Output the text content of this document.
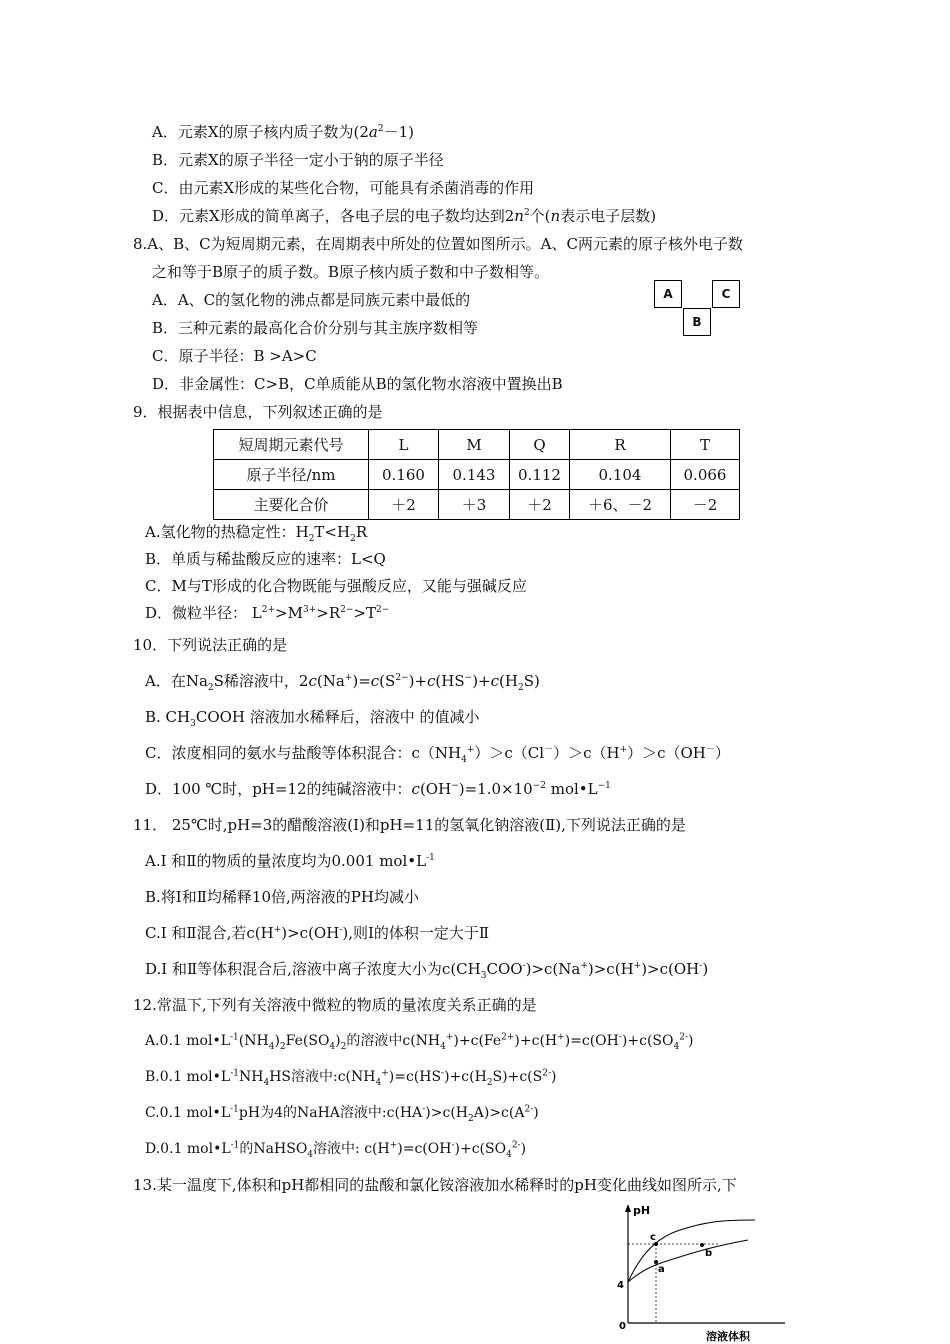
A．元素X的原子核内质子数为$(2a^2-1)$
B．元素X的原子半径一定小于钠的原子半径
C．由元素X形成的某些化合物，可能具有杀菌消毒的作用
D．元素X形成的简单离子，各电子层的电子数均达到$2n^2$个(n表示电子层数)
8.A、B、C为短周期元素，在周期表中所处的位置如图所示。A、C两元素的原子核外电子数
之和等于B原子的质子数。B原子核内质子数和中子数相等。
A．A、C的氢化物的沸点都是同族元素中最低的
B．三种元素的最高化合价分别与其主族序数相等
C．原子半径：B >A>C
D．非金属性：C>B，C单质能从B的氢化物水溶液中置换出B
A	C
B
9．根据表中信息，下列叙述正确的是
短周期元素代号	L	M	Q	R	T
原子半径/nm	0.160	0.143	0.112	0.104	0.066
主要化合价	＋2	＋3	＋2	＋6、－2	－2
A.氢化物的热稳定性：$H_2T<H_2R$
B．单质与稀盐酸反应的速率：L<Q
C．M与T形成的化合物既能与强酸反应，又能与强碱反应
D．微粒半径： $L^{2+}>M^{3+}>R^{2-}>T^{2-}$
10．下列说法正确的是
A．在$Na_2S$稀溶液中，$2c(Na^+)=c(S^{2-})+c(HS^-)+c(H_2S)$
B. $CH_3COOH$ 溶液加水稀释后，溶液中 的值减小
C．浓度相同的氨水与盐酸等体积混合：$c(NH_4^+)>c(Cl^-)>c(H^+)>c(OH^-)$
D．100 ℃时，pH=12的纯碱溶液中：$c(OH^-)=1.0\times 10^{-2}$ $mol•L^{-1}$
11． 25℃时,pH=3的醋酸溶液(Ⅰ)和pH=11的氢氧化钠溶液(Ⅱ),下列说法正确的是
A.Ⅰ 和Ⅱ的物质的量浓度均为0.001 $mol•L^{-1}$
B.将Ⅰ和Ⅱ均稀释10倍,两溶液的PH均减小
C.Ⅰ 和Ⅱ混合,若c(H+)>c(OH-),则Ⅰ的体积一定大于Ⅱ
D.Ⅰ 和Ⅱ等体积混合后,溶液中离子浓度大小为$c(CH_3COO^-)>c(Na^+)>c(H^+)>c(OH^-)$
12.常温下,下列有关溶液中微粒的物质的量浓度关系正确的是
A.0.1 $mol•L^{-1}(NH_4)_2Fe(SO_4)_2$的溶液中$c(NH_4^+)+c(Fe^{2+})+c(H^+)=c(OH^-)+c(SO_4^{2-})$
B.0.1 $mol•L^{-1}NH_4HS$溶液中$:c(NH_4^+)=c(HS^-)+c(H_2S)+c(S^{2-})$
C.0.1 $mol•L^{-1}pH$为4的NaHA溶液中$:c(HA^-)>c(H_2A)>c(A^{2-})$
D.0.1 $mol•L^{-1}$的NaHSO$_4$溶液中: $c(H^+)=c(OH^-)+c(SO_4^{2-})$
13.某一温度下,体积和pH都相同的盐酸和氯化铵溶液加水稀释时的pH变化曲线如图所示,下
pH
4
0
溶液体积
c
a
b
